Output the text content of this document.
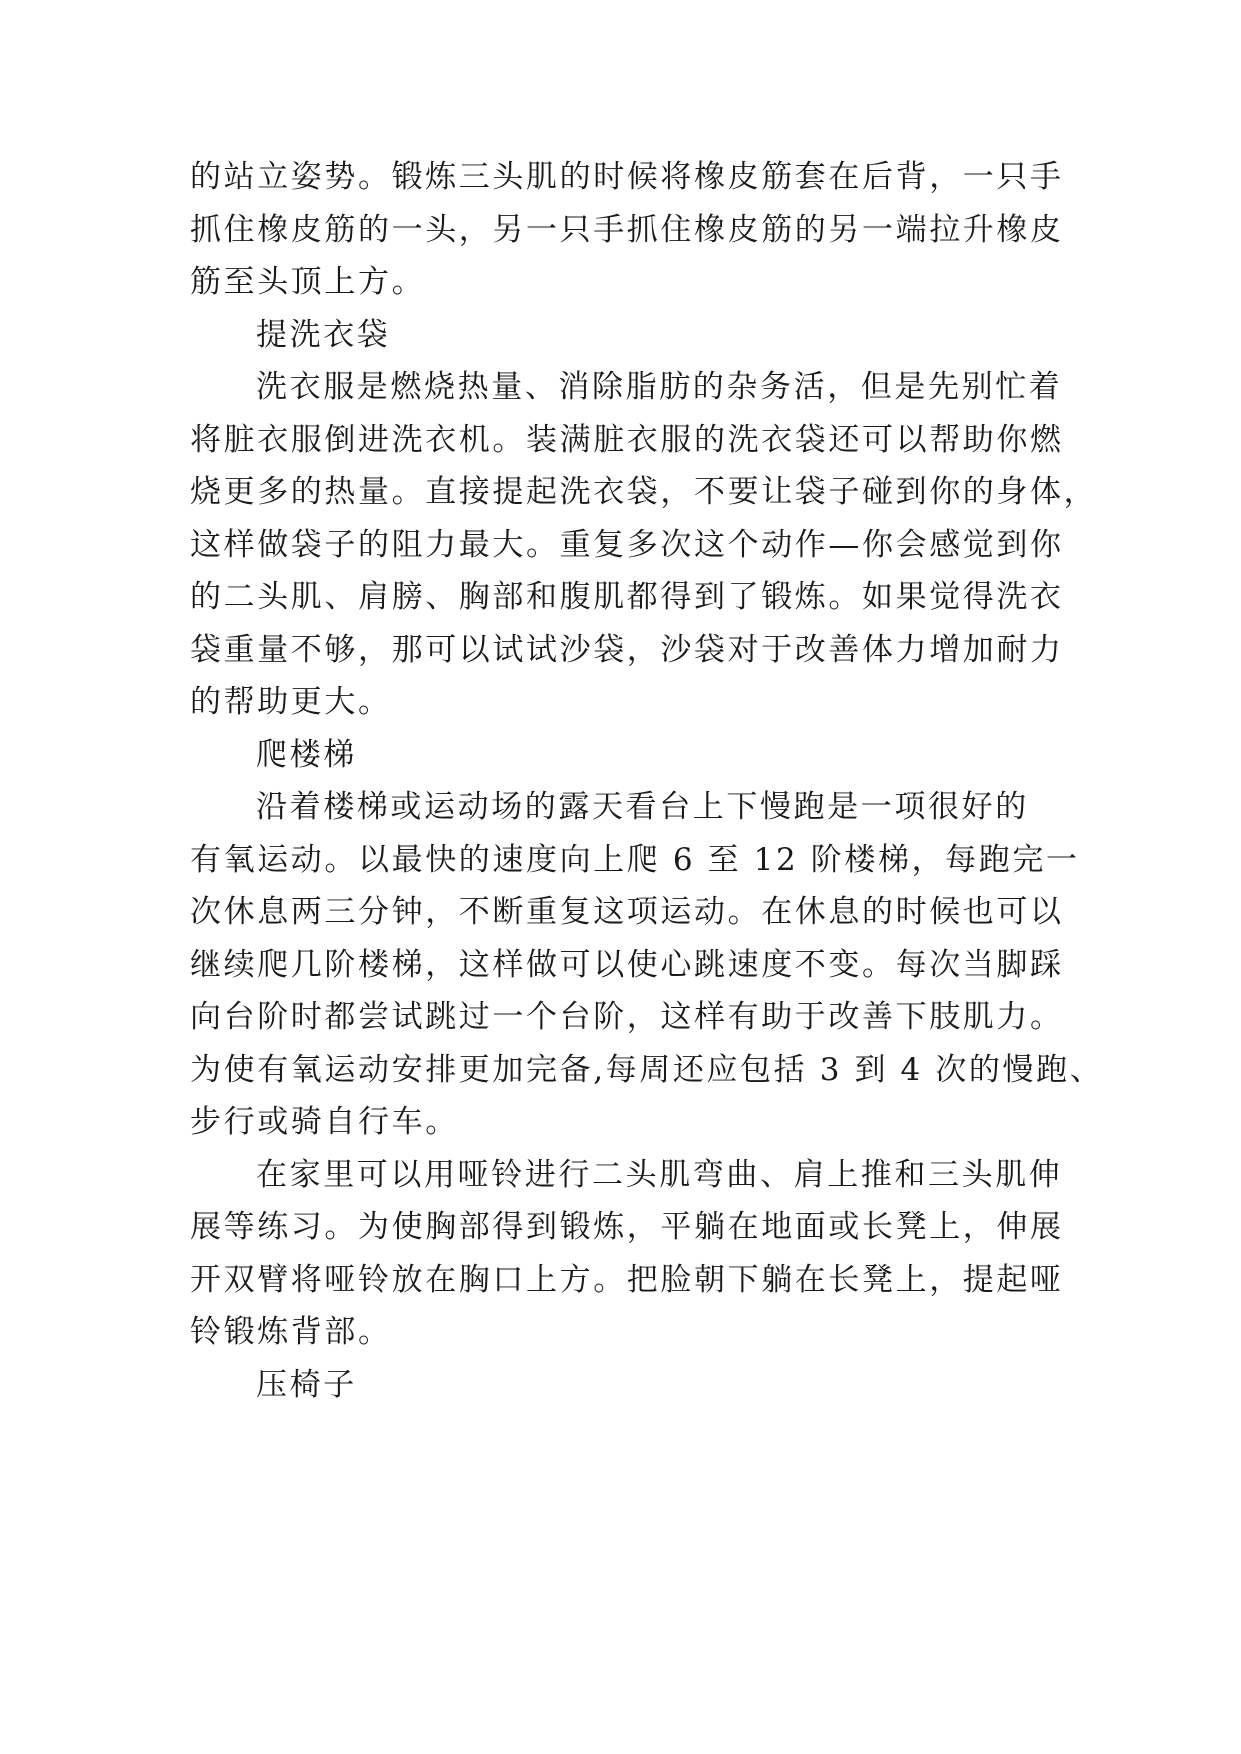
的站立姿势。锻炼三头肌的时候将橡皮筋套在后背，一只手
抓住橡皮筋的一头，另一只手抓住橡皮筋的另一端拉升橡皮
筋至头顶上方。
提洗衣袋
洗衣服是燃烧热量、消除脂肪的杂务活，但是先别忙着
将脏衣服倒进洗衣机。装满脏衣服的洗衣袋还可以帮助你燃
烧更多的热量。直接提起洗衣袋，不要让袋子碰到你的身体，
这样做袋子的阻力最大。重复多次这个动作—你会感觉到你
的二头肌、肩膀、胸部和腹肌都得到了锻炼。如果觉得洗衣
袋重量不够，那可以试试沙袋，沙袋对于改善体力增加耐力
的帮助更大。
爬楼梯
沿着楼梯或运动场的露天看台上下慢跑是一项很好的
有氧运动。以最快的速度向上爬 6 至 12 阶楼梯，每跑完一
次休息两三分钟，不断重复这项运动。在休息的时候也可以
继续爬几阶楼梯，这样做可以使心跳速度不变。每次当脚踩
向台阶时都尝试跳过一个台阶，这样有助于改善下肢肌力。
为使有氧运动安排更加完备,每周还应包括 3 到 4 次的慢跑、
步行或骑自行车。
在家里可以用哑铃进行二头肌弯曲、肩上推和三头肌伸
展等练习。为使胸部得到锻炼，平躺在地面或长凳上，伸展
开双臂将哑铃放在胸口上方。把脸朝下躺在长凳上，提起哑
铃锻炼背部。
压椅子
